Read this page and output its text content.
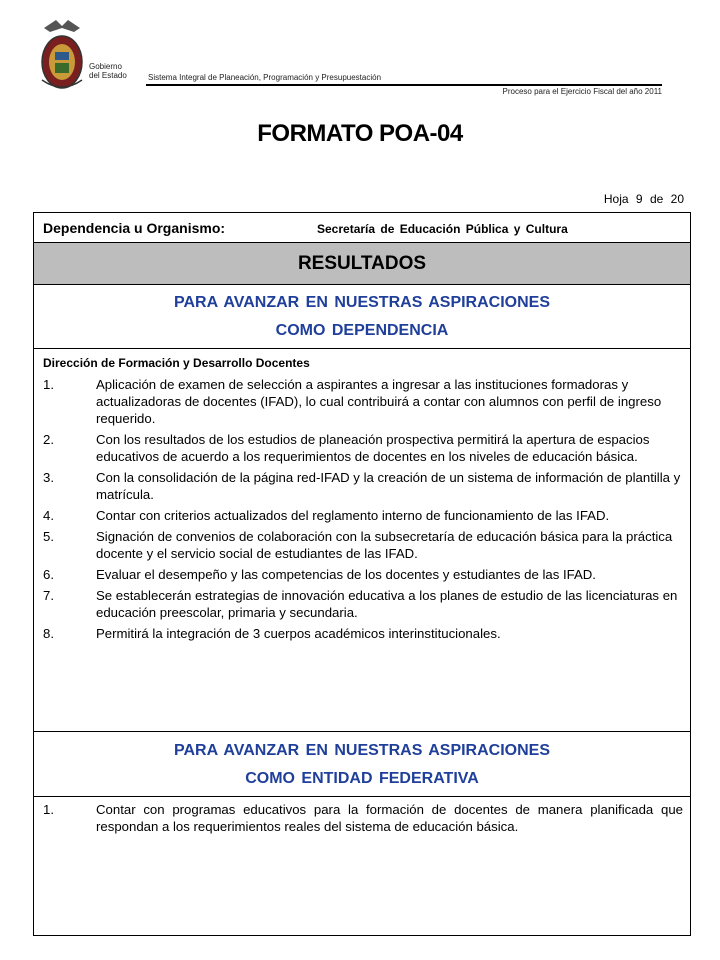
Gobierno
del Estado	Sistema Integral de Planeación, Programación y Presupuestación
Proceso para el Ejercicio Fiscal del año 2011
FORMATO POA-04
Hoja 9 de 20
Dependencia u Organismo:	Secretaría de Educación Pública y Cultura
RESULTADOS
PARA AVANZAR EN NUESTRAS ASPIRACIONES
COMO DEPENDENCIA
Dirección de Formación y Desarrollo Docentes
1.	Aplicación de examen de selección a aspirantes a ingresar a las instituciones formadoras y actualizadoras de docentes (IFAD), lo cual contribuirá a contar con alumnos con perfil de ingreso requerido.
2.	Con los resultados de los estudios de planeación prospectiva permitirá la apertura de espacios educativos de acuerdo a los requerimientos de docentes en los niveles de educación básica.
3.	Con la consolidación de la página red-IFAD y la creación de un sistema de información de plantilla y matrícula.
4.	Contar con criterios actualizados del reglamento interno de funcionamiento de las IFAD.
5.	Signación de convenios de colaboración con la subsecretaría de educación básica para la práctica docente y el servicio social de estudiantes de las IFAD.
6.	Evaluar el desempeño y las competencias de los docentes y estudiantes de las IFAD.
7.	Se establecerán estrategias de innovación educativa a los planes de estudio de las licenciaturas en educación preescolar, primaria y secundaria.
8.	Permitirá la integración de 3 cuerpos académicos interinstitucionales.
PARA AVANZAR EN NUESTRAS ASPIRACIONES
COMO ENTIDAD FEDERATIVA
1.	Contar con programas educativos para la formación de docentes de manera planificada que respondan a los requerimientos reales del sistema de educación básica.
